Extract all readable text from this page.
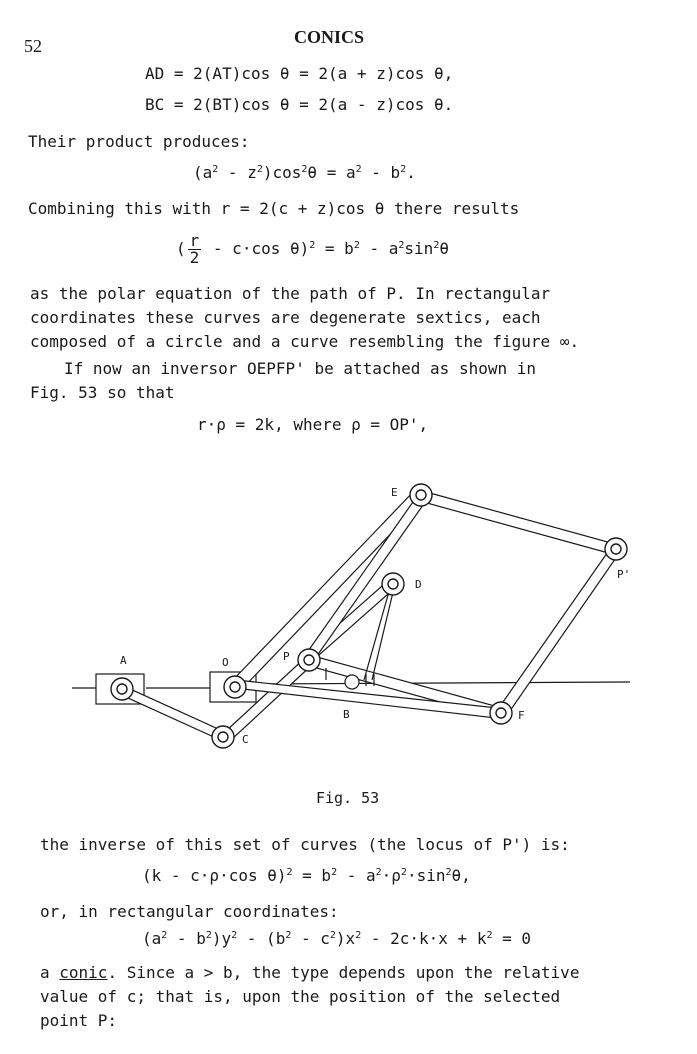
52	CONICS
AD = 2(AT)cos θ = 2(a + z)cos θ,
BC = 2(BT)cos θ = 2(a - z)cos θ.
Their product produces:
$(a^2 - z^2)\cos^2\theta = a^2 - b^2$.
Combining this with r = 2(c + z)cos θ there results
( $\frac{r}{2} - c\cdot\cos$ $\theta)^2 = b^2 - a^2\sin^2\theta$
as the polar equation of the path of P. In rectangular
coordinates these curves are degenerate sextics, each
composed of a circle and a curve resembling the figure ∞.
If now an inversor OEPFP' be attached as shown in
Fig. 53 so that
r·ρ = 2k, where ρ = OP',
A	O	P
E
D
P'
C
B	F
Fig. 53
the inverse of this set of curves (the locus of P') is:
(k - c·ρ·cos $\theta)^2 = b^2 - a^2\cdot\rho^2\cdot\sin^2\theta$,
or, in rectangular coordinates:
$(a^2 - b^2)y^2 - (b^2 - c^2)x^2 - 2c\cdot k\cdot x + k^2 = 0$
a conic. Since a > b, the type depends upon the relative
value of c; that is, upon the position of the selected
point P:
